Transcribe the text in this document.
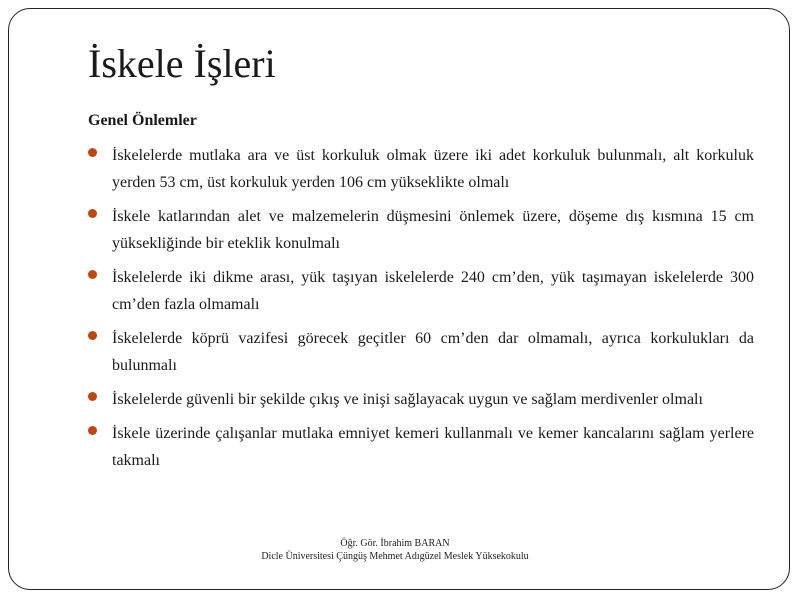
İskele İşleri
Genel Önlemler
İskelelerde mutlaka ara ve üst korkuluk olmak üzere iki adet korkuluk bulunmalı, alt korkuluk yerden 53 cm, üst korkuluk yerden 106 cm yükseklikte olmalı
İskele katlarından alet ve malzemelerin düşmesini önlemek üzere, döşeme dış kısmına 15 cm yüksekliğinde bir eteklik konulmalı
İskelelerde iki dikme arası, yük taşıyan iskelelerde 240 cm’den, yük taşımayan iskelelerde 300 cm’den fazla olmamalı
İskelelerde köprü vazifesi görecek geçitler 60 cm’den dar olmamalı, ayrıca korkulukları da bulunmalı
İskelelerde güvenli bir şekilde çıkış ve inişi sağlayacak uygun ve sağlam merdivenler olmalı
İskele üzerinde çalışanlar mutlaka emniyet kemeri kullanmalı ve kemer kancalarını sağlam yerlere takmalı
Öğr. Gör. İbrahim BARAN
Dicle Üniversitesi Çüngüş Mehmet Adıgüzel Meslek Yüksekokulu
